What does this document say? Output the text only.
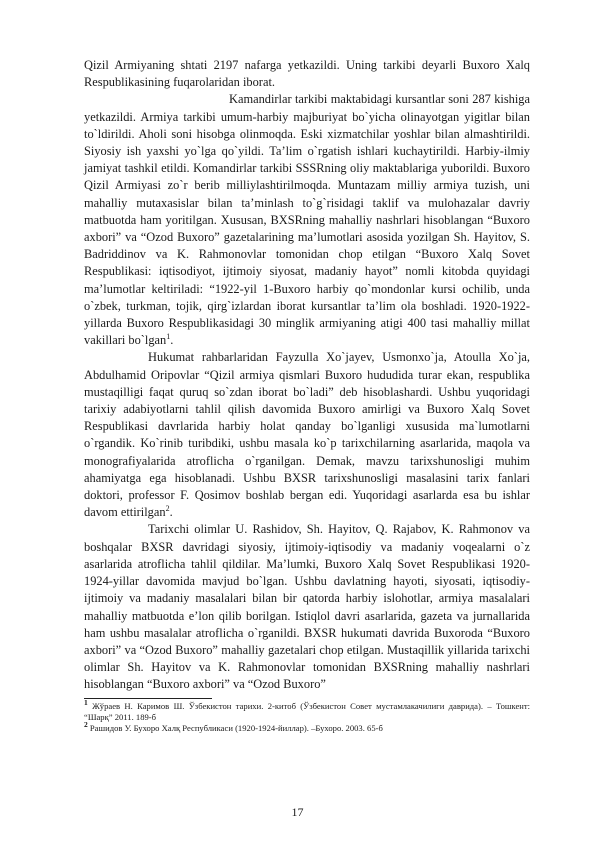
Qizil Armiyaning shtati 2197 nafarga yetkazildi. Uning tarkibi deyarli Buxoro Xalq Respublikasining fuqarolaridan iborat.

Kamandirlar tarkibi maktabidagi kursantlar soni 287 kishiga yetkazildi. Armiya tarkibi umum-harbiy majburiyat bo`yicha olinayotgan yigitlar bilan to`ldirildi. Aholi soni hisobga olinmoqda. Eski xizmatchilar yoshlar bilan almashtirildi. Siyosiy ish yaxshi yo`lga qo`yildi. Ta’lim o`rgatish ishlari kuchaytirildi. Harbiy-ilmiy jamiyat tashkil etildi. Komandirlar tarkibi SSSRning oliy maktablariga yuborildi. Buxoro Qizil Armiyasi zo`r berib milliylashtirilmoqda. Muntazam milliy armiya tuzish, uni mahalliy mutaxasislar bilan ta’minlash to`g`risidagi taklif va mulohazalar davriy matbuotda ham yoritilgan. Xususan, BXSRning mahalliy nashrlari hisoblangan “Buxoro axbori” va “Ozod Buxoro” gazetalarining ma’lumotlari asosida yozilgan Sh. Hayitov, S. Badriddinov va K. Rahmonovlar tomonidan chop etilgan “Buxoro Xalq Sovet Respublikasi: iqtisodiyot, ijtimoiy siyosat, madaniy hayot” nomli kitobda quyidagi ma’lumotlar keltiriladi: “1922-yil 1-Buxoro harbiy qo`mondonlar kursi ochilib, unda o`zbek, turkman, tojik, qirg`izlardan iborat kursantlar ta’lim ola boshladi. 1920-1922- yillarda Buxoro Respublikasidagi 30 minglik armiyaning atigi 400 tasi mahalliy millat vakillari bo`lgan$^1$.

Hukumat rahbarlaridan Fayzulla Xo`jayev, Usmonxo`ja, Atoulla Xo`ja, Abdulhamid Oripovlar “Qizil armiya qismlari Buxoro hududida turar ekan, respublika mustaqilligi faqat quruq so`zdan iborat bo`ladi” deb hisoblashardi. Ushbu yuqoridagi tarixiy adabiyotlarni tahlil qilish davomida Buxoro amirligi va Buxoro Xalq Sovet Respublikasi davrlarida harbiy holat qanday bo`lganligi xususida ma`lumotlarni o`rgandik. Ko`rinib turibdiki, ushbu masala ko`p tarixchilarning asarlarida, maqola va monografiyalarida atroflicha o`rganilgan. Demak, mavzu tarixshunosligi muhim ahamiyatga ega hisoblanadi. Ushbu BXSR tarixshunosligi masalasini tarix fanlari doktori, professor F. Qosimov boshlab bergan edi. Yuqoridagi asarlarda esa bu ishlar davom ettirilgan$^2$.

Tarixchi olimlar U. Rashidov, Sh. Hayitov, Q. Rajabov, K. Rahmonov va boshqalar BXSR davridagi siyosiy, ijtimoiy-iqtisodiy va madaniy voqealarni o`z asarlarida atroflicha tahlil qildilar. Ma’lumki, Buxoro Xalq Sovet Respublikasi 1920-1924-yillar davomida mavjud bo`lgan. Ushbu davlatning hayoti, siyosati, iqtisodiy-ijtimoiy va madaniy masalalari bilan bir qatorda harbiy islohotlar, armiya masalalari mahalliy matbuotda e’lon qilib borilgan. Istiqlol davri asarlarida, gazeta va jurnallarida ham ushbu masalalar atroflicha o`rganildi. BXSR hukumati davrida Buxoroda “Buxoro axbori” va “Ozod Buxoro” mahalliy gazetalari chop etilgan. Mustaqillik yillarida tarixchi olimlar Sh. Hayitov va K. Rahmonovlar tomonidan BXSRning mahalliy nashrlari hisoblangan “Buxoro axbori” va “Ozod Buxoro”

$^1$ Жўраев Н. Каримов Ш. Ўзбекистон тарихи. 2-китоб (Ўзбекистон Совет мустамлакачилиги даврида). – Тошкент: “Шарқ” 2011. 189-б

$^2$ Рашидов У. Бухоро Халқ Республикаси (1920-1924-йиллар). –Бухоро. 2003. 65-б

17
